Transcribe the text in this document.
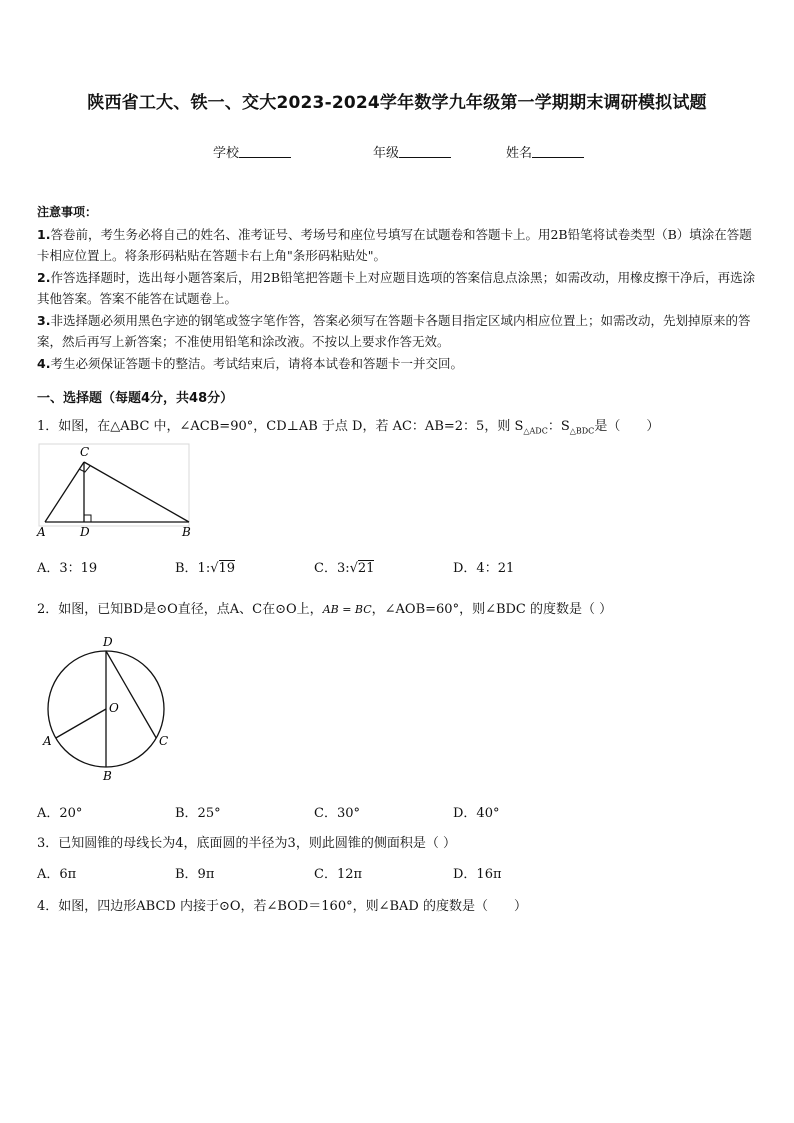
陕西省工大、铁一、交大2023-2024学年数学九年级第一学期期末调研模拟试题
学校	年级	姓名

注意事项：

1.答卷前，考生务必将自己的姓名、准考证号、考场号和座位号填写在试题卷和答题卡上。用2B铅笔将试卷类型（B）填涂在答题卡相应位置上。将条形码粘贴在答题卡右上角"条形码粘贴处"。

2.作答选择题时，选出每小题答案后，用2B铅笔把答题卡上对应题目选项的答案信息点涂黑；如需改动，用橡皮擦干净后，再选涂其他答案。答案不能答在试题卷上。

3.非选择题必须用黑色字迹的钢笔或签字笔作答，答案必须写在答题卡各题目指定区域内相应位置上；如需改动，先划掉原来的答案，然后再写上新答案；不准使用铅笔和涂改液。不按以上要求作答无效。

4.考生必须保证答题卡的整洁。考试结束后，请将本试卷和答题卡一并交回。

一、选择题（每题4分，共48分）
1．如图，在△ABC 中，∠ACB=90°，CD⊥AB 于点 D，若 AC：AB=2：5，则 $S_{\triangle ADC}$：$S_{\triangle BDC}$是（　　）
C
A	D	B
A．3：19	B．1:√19	C．3:√21	D．4：21
2．如图，已知BD是⊙O直径，点A、C在⊙O上，AB = BC，∠AOB=60°，则∠BDC 的度数是（ ）
D
O
A	C
B
A．20°	B．25°	C．30°	D．40°
3．已知圆锥的母线长为4，底面圆的半径为3，则此圆锥的侧面积是（ ）
A．6π	B．9π	C．12π	D．16π
4．如图，四边形ABCD 内接于⊙O，若∠BOD＝160°，则∠BAD 的度数是（　　）
